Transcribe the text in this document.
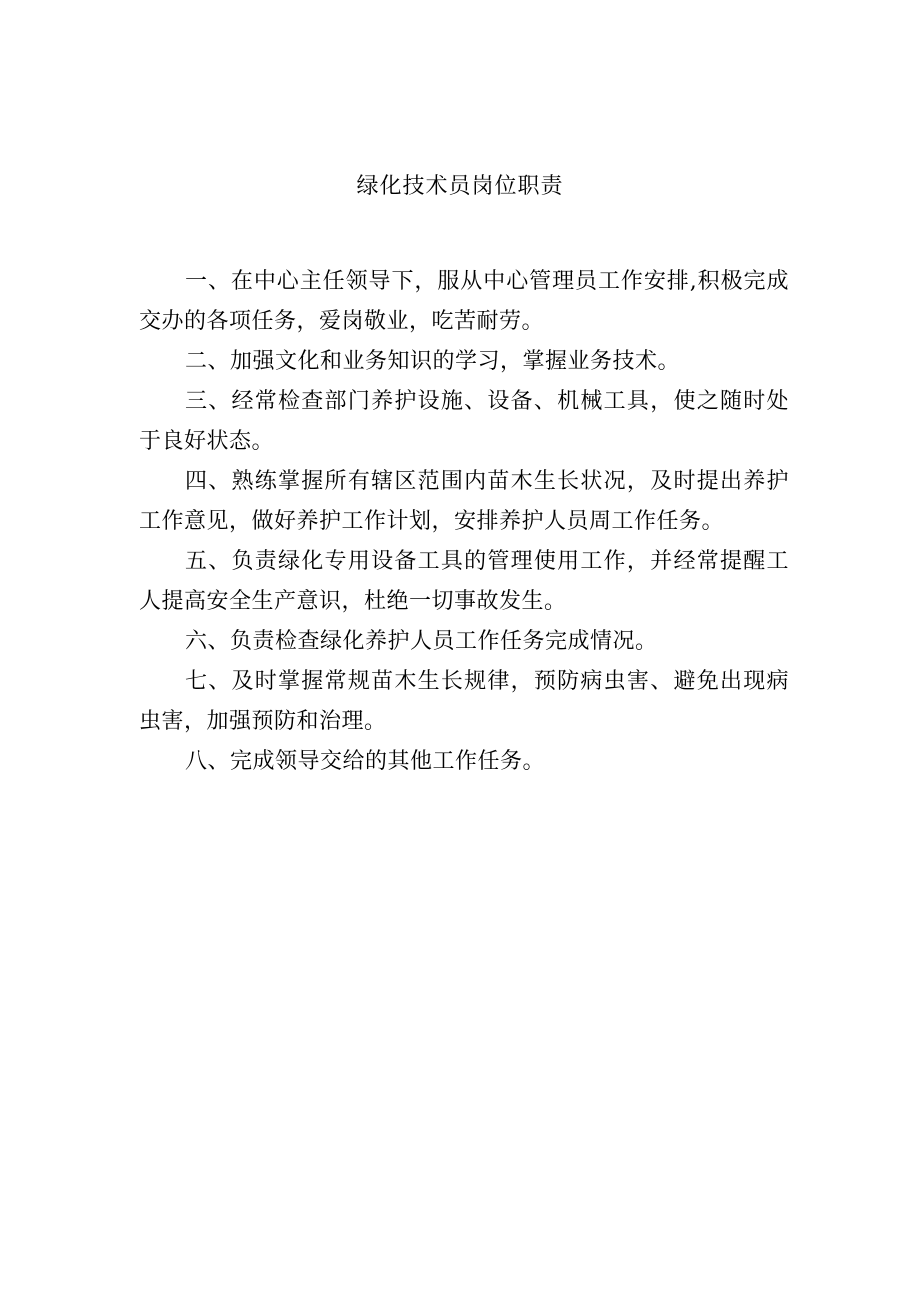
绿化技术员岗位职责

一、在中心主任领导下，服从中心管理员工作安排,积极完成交办的各项任务，爱岗敬业，吃苦耐劳。

二、加强文化和业务知识的学习，掌握业务技术。

三、经常检查部门养护设施、设备、机械工具，使之随时处于良好状态。

四、熟练掌握所有辖区范围内苗木生长状况，及时提出养护工作意见，做好养护工作计划，安排养护人员周工作任务。

五、负责绿化专用设备工具的管理使用工作，并经常提醒工人提高安全生产意识，杜绝一切事故发生。

六、负责检查绿化养护人员工作任务完成情况。

七、及时掌握常规苗木生长规律，预防病虫害、避免出现病虫害，加强预防和治理。

八、完成领导交给的其他工作任务。
